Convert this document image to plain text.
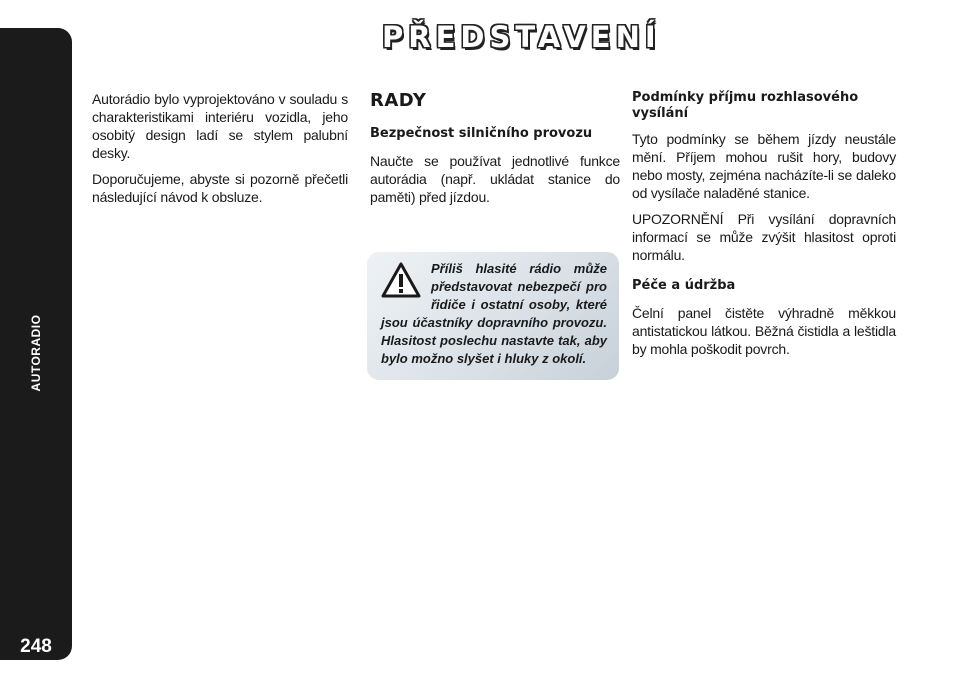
AUTORADIO
248
PŘEDSTAVENÍ

Autorádio bylo vyprojektováno v souladu s charakteristikami interiéru vozidla, jeho osobitý design ladí se stylem palubní desky.

Doporučujeme, abyste si pozorně přečetli následující návod k obsluze.

RADY
Bezpečnost silničního provozu

Naučte se používat jednotlivé funkce autorádia (např. ukládat stanice do paměti) před jízdou.

Příliš hlasité rádio může představovat nebezpečí pro řidiče i ostatní osoby, které jsou účastníky dopravního provozu. Hlasitost poslechu nastavte tak, aby bylo možno slyšet i hluky z okolí.
Podmínky příjmu rozhlasového vysílání

Tyto podmínky se během jízdy neustále mění. Příjem mohou rušit hory, budovy nebo mosty, zejména nacházíte-li se daleko od vysílače naladěné stanice.

UPOZORNĚNÍ Při vysílání dopravních informací se může zvýšit hlasitost oproti normálu.

Péče a údržba

Čelní panel čistěte výhradně měkkou antistatickou látkou. Běžná čistidla a leštidla by mohla poškodit povrch.
